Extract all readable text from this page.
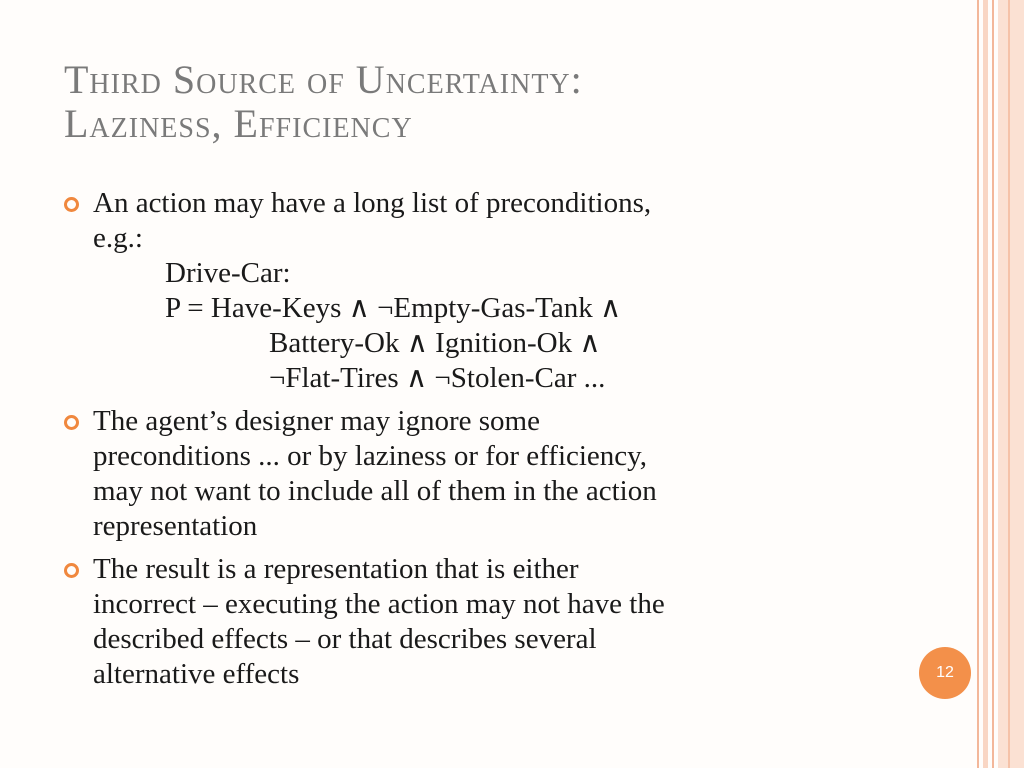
Third Source of Uncertainty:
Laziness, Efficiency
An action may have a long list of preconditions,
e.g.:
Drive-Car:
P = Have-Keys ∧ ¬Empty-Gas-Tank ∧
Battery-Ok ∧ Ignition-Ok ∧
¬Flat-Tires ∧ ¬Stolen-Car ...
The agent’s designer may ignore some
preconditions ... or by laziness or for efficiency,
may not want to include all of them in the action
representation
The result is a representation that is either
incorrect – executing the action may not have the
described effects – or that describes several
alternative effects	12
